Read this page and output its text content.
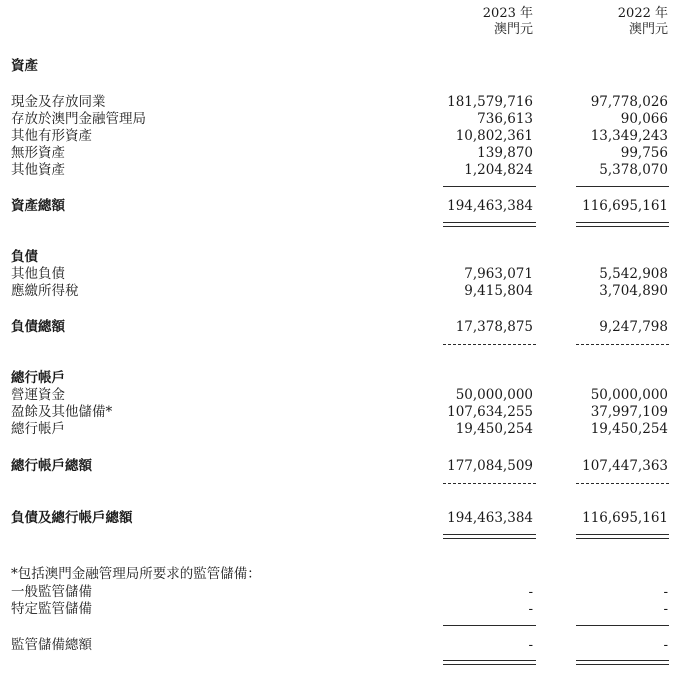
2023 年
澳門元
2022 年
澳門元
資產
現金及存放同業	181,579,716	97,778,026
存放於澳門金融管理局	736,613	90,066
其他有形資產	10,802,361	13,349,243
無形資產	139,870	99,756
其他資產	1,204,824	5,378,070
資產總額	194,463,384	116,695,161
負債
其他負債	7,963,071	5,542,908
應繳所得稅	9,415,804	3,704,890
負債總額	17,378,875	9,247,798
總行帳戶
營運資金	50,000,000	50,000,000
盈餘及其他儲備*	107,634,255	37,997,109
總行帳戶	19,450,254	19,450,254
總行帳戶總額	177,084,509	107,447,363
負債及總行帳戶總額	194,463,384	116,695,161
*包括澳門金融管理局所要求的監管儲備：
一般監管儲備	-	-
特定監管儲備	-	-
監管儲備總額	-	-
